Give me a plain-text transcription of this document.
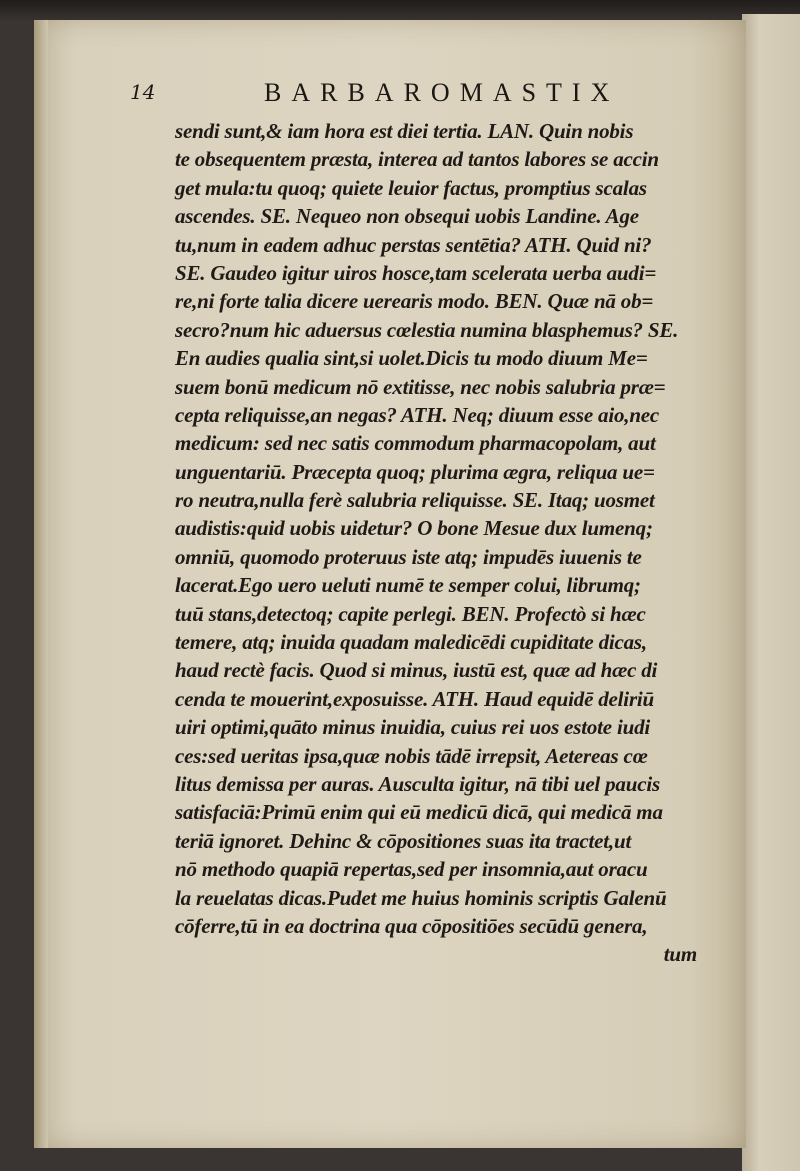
14	BARBAROMASTIX
sendi sunt,& iam hora est diei tertia. LAN. Quin nobis
te obsequentem præsta, interea ad tantos labores se accin
get mula:tu quoq; quiete leuior factus, promptius scalas
ascendes. SE. Nequeo non obsequi uobis Landine. Age
tu,num in eadem adhuc perstas sentētia? ATH. Quid ni?
SE. Gaudeo igitur uiros hosce,tam scelerata uerba audi=
re,ni forte talia dicere uerearis modo. BEN. Quæ nā ob=
secro?num hic aduersus cœlestia numina blasphemus? SE.
En audies qualia sint,si uolet.Dicis tu modo diuum Me=
suem bonū medicum nō extitisse, nec nobis salubria præ=
cepta reliquisse,an negas? ATH. Neq; diuum esse aio,nec
medicum: sed nec satis commodum pharmacopolam, aut
unguentariū. Præcepta quoq; plurima ægra, reliqua ue=
ro neutra,nulla ferè salubria reliquisse. SE. Itaq; uosmet
audistis:quid uobis uidetur? O bone Mesue dux lumenq;
omniū, quomodo proteruus iste atq; impudēs iuuenis te
lacerat.Ego uero ueluti numē te semper colui, librumq;
tuū stans,detectoq; capite perlegi. BEN. Profectò si hæc
temere, atq; inuida quadam maledicēdi cupiditate dicas,
haud rectè facis. Quod si minus, iustū est, quæ ad hæc di
cenda te mouerint,exposuisse. ATH. Haud equidē deliriū
uiri optimi,quāto minus inuidia, cuius rei uos estote iudi
ces:sed ueritas ipsa,quæ nobis tādē irrepsit, Aetereas cœ
litus demissa per auras. Ausculta igitur, nā tibi uel paucis
satisfaciā:Primū enim qui eū medicū dicā, qui medicā ma
teriā ignoret. Dehinc & cōpositiones suas ita tractet,ut
nō methodo quapiā repertas,sed per insomnia,aut oracu
la reuelatas dicas.Pudet me huius hominis scriptis Galenū
cōferre,tū in ea doctrina qua cōpositiōes secūdū genera,
tum
